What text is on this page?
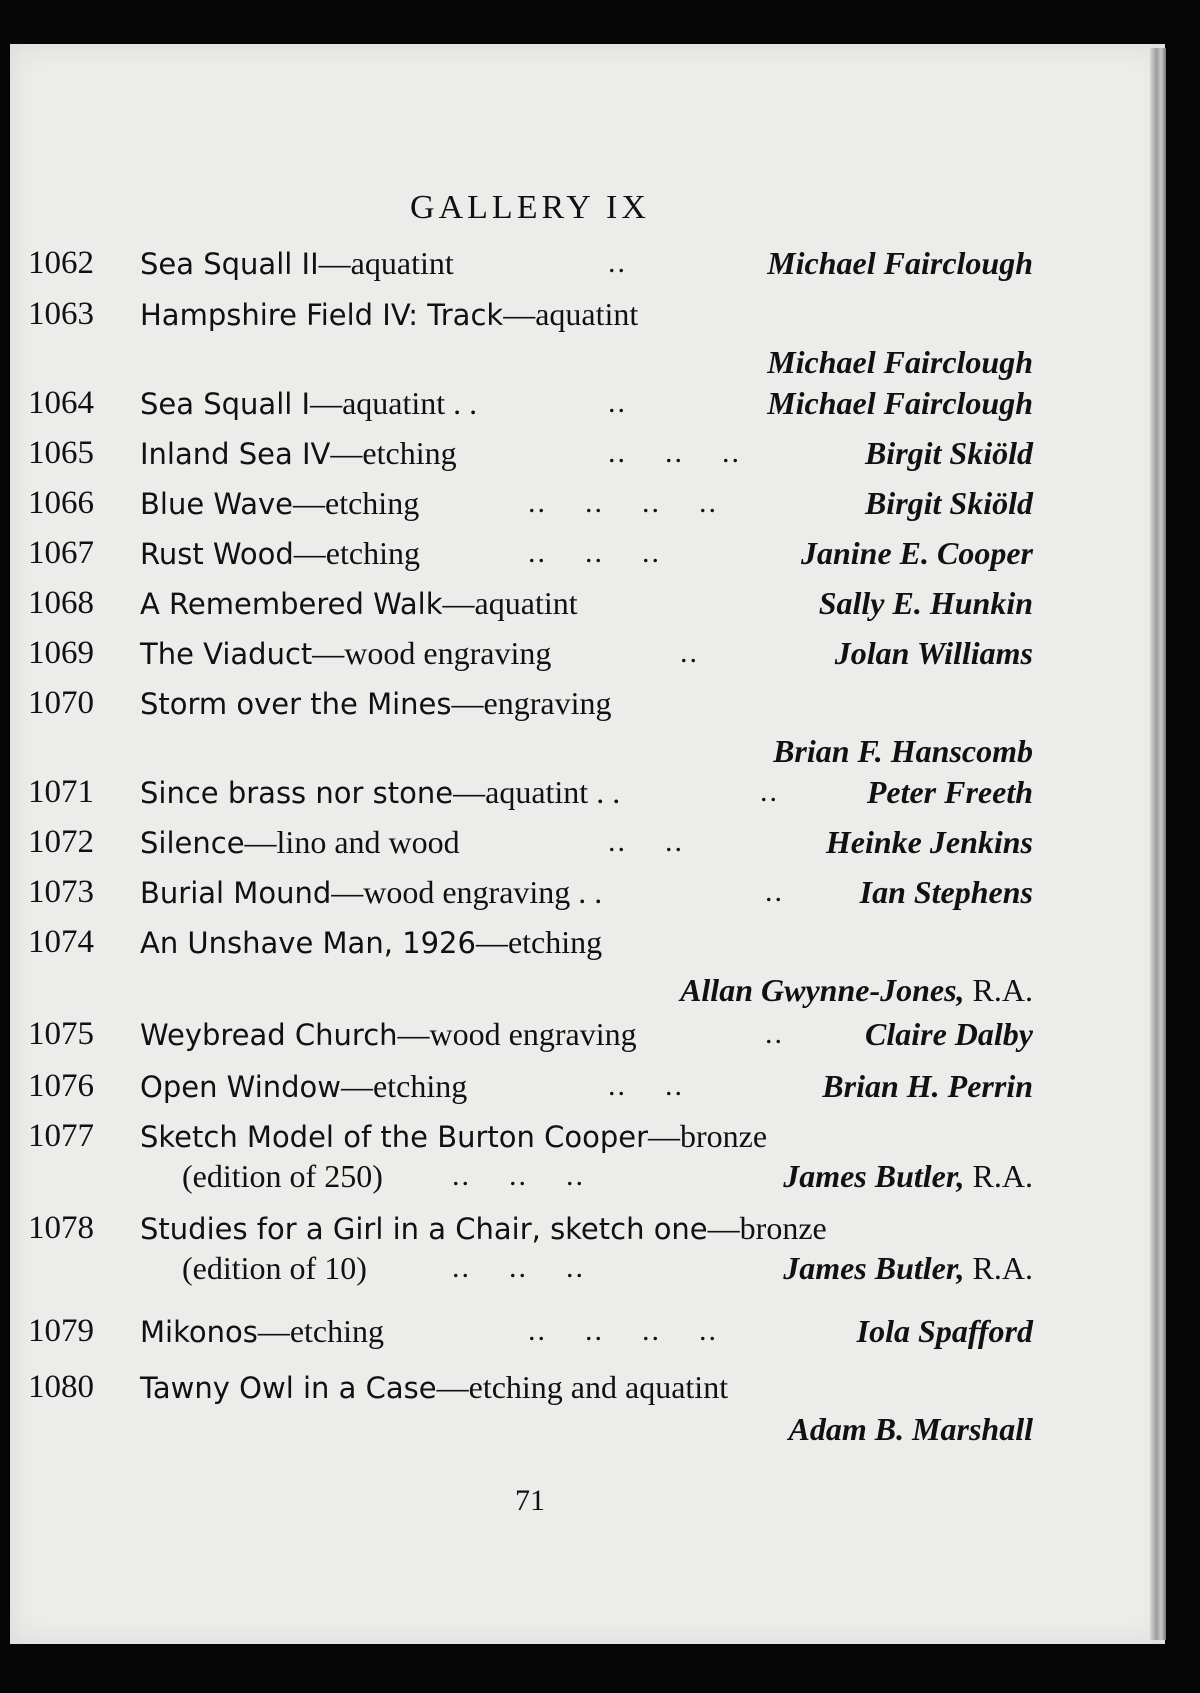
GALLERY IX
1062 Sea Squall II—aquatint	..	Michael Fairclough
1063 Hampshire Field IV: Track—aquatint
Michael Fairclough
1064 Sea Squall I—aquatint . .	..	Michael Fairclough
1065 Inland Sea IV—etching	..    ..    ..	Birgit Skiöld
1066 Blue Wave—etching	..    ..    ..    ..	Birgit Skiöld
1067 Rust Wood—etching	..    ..    ..	Janine E. Cooper
1068 A Remembered Walk—aquatint	Sally E. Hunkin
1069 The Viaduct—wood engraving	..	Jolan Williams
1070 Storm over the Mines—engraving
Brian F. Hanscomb
1071 Since brass nor stone—aquatint . .	..	Peter Freeth
1072 Silence—lino and wood	..    ..	Heinke Jenkins
1073 Burial Mound—wood engraving . .	.. Ian Stephens
1074 An Unshave Man, 1926—etching
Allan Gwynne-Jones, R.A.
1075 Weybread Church—wood engraving	..	Claire Dalby
1076 Open Window—etching	..    ..	Brian H. Perrin
1077 Sketch Model of the Burton Cooper—bronze
(edition of 250) ..    ..    ..	James Butler, R.A.
1078 Studies for a Girl in a Chair, sketch one—bronze
(edition of 10)	..    ..    ..	James Butler, R.A.
1079 Mikonos—etching	..    ..    ..    ..	Iola Spafford
1080 Tawny Owl in a Case—etching and aquatint
Adam B. Marshall
71
